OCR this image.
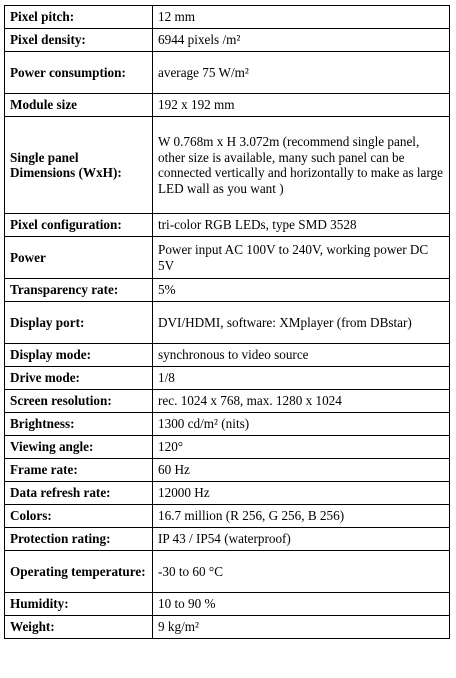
Pixel pitch:	12 mm
Pixel density:	6944 pixels /m²
Power consumption:	average 75 W/m²
Module size	192 x 192 mm
Single panel Dimensions (WxH):	W 0.768m x H 3.072m (recommend single panel, other size is available, many such panel can be connected vertically and horizontally to make as large LED wall as you want )
Pixel configuration:	tri-color RGB LEDs, type SMD 3528
Power	Power input AC 100V to 240V, working power DC 5V
Transparency rate:	5%
Display port:	DVI/HDMI, software: XMplayer (from DBstar)
Display mode:	synchronous to video source
Drive mode:	1/8
Screen resolution:	rec. 1024 x 768, max. 1280 x 1024
Brightness:	1300 cd/m² (nits)
Viewing angle:	120°
Frame rate:	60 Hz
Data refresh rate:	12000 Hz
Colors:	16.7 million (R 256, G 256, B 256)
Protection rating:	IP 43 / IP54 (waterproof)
Operating temperature:	-30 to 60 °C
Humidity:	10 to 90 %
Weight:	9 kg/m²
